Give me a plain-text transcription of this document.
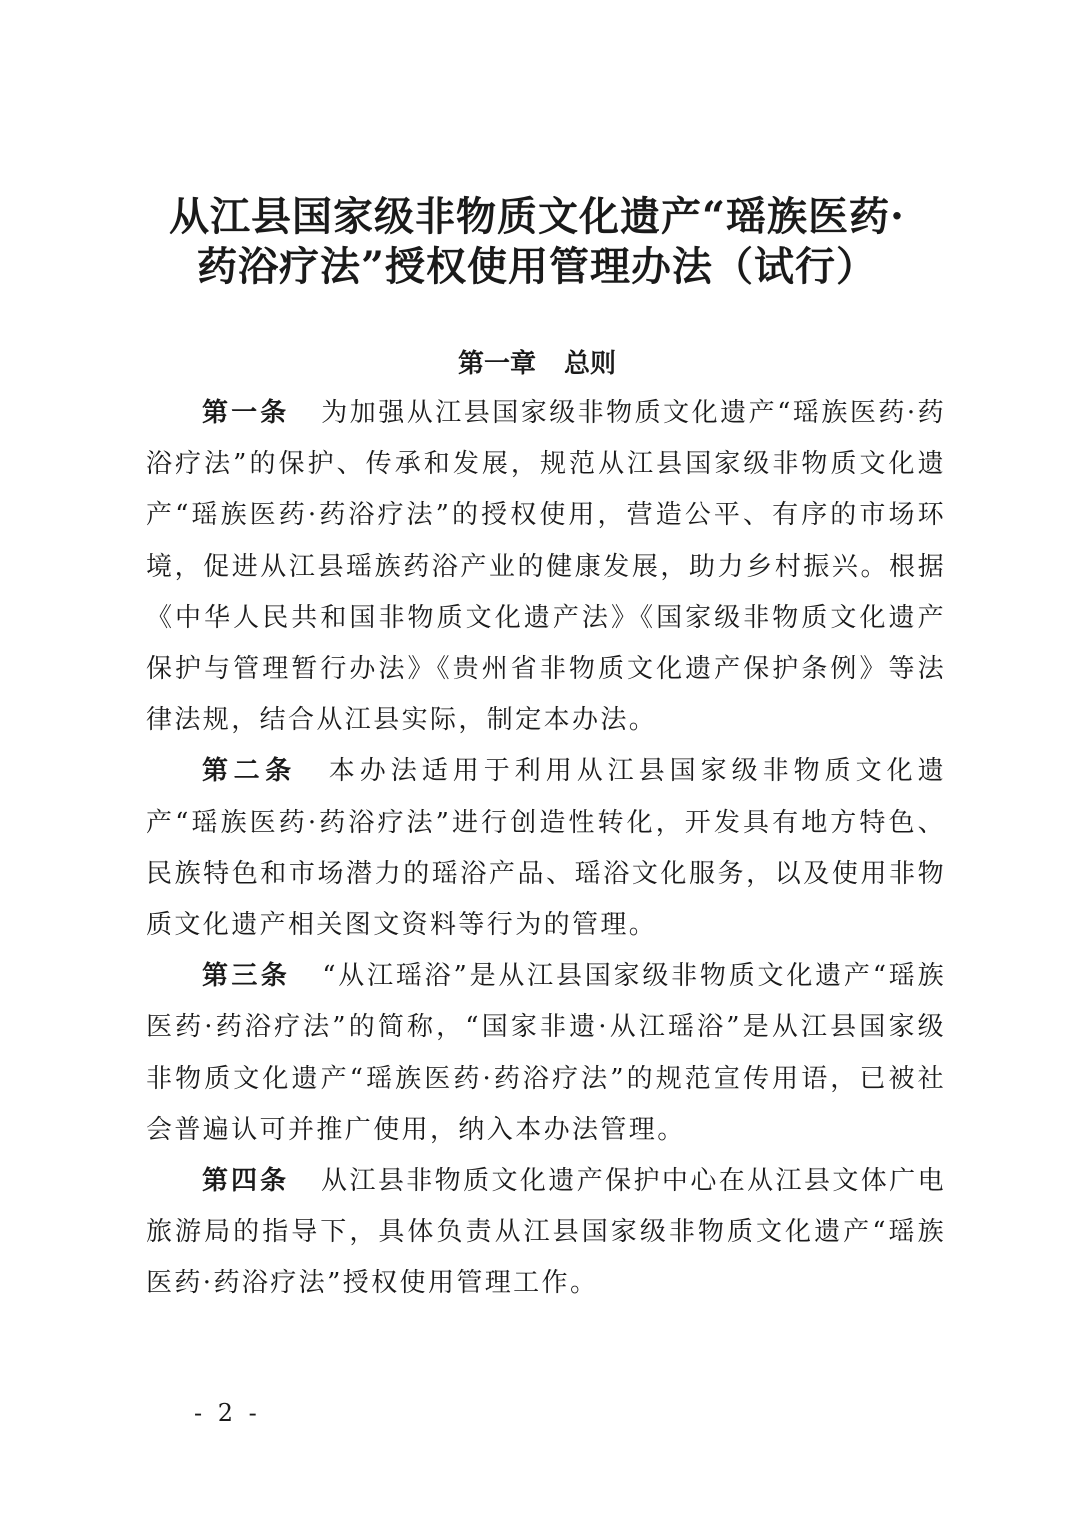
从江县国家级非物质文化遗产“瑶族医药·
药浴疗法”授权使用管理办法（试行）
第一章 总则

第一条 为加强从江县国家级非物质文化遗产“瑶族医药·药浴疗法”的保护、传承和发展，规范从江县国家级非物质文化遗产“瑶族医药·药浴疗法”的授权使用，营造公平、有序的市场环境，促进从江县瑶族药浴产业的健康发展，助力乡村振兴。根据《中华人民共和国非物质文化遗产法》《国家级非物质文化遗产保护与管理暂行办法》《贵州省非物质文化遗产保护条例》等法律法规，结合从江县实际，制定本办法。

第二条 本办法适用于利用从江县国家级非物质文化遗产“瑶族医药·药浴疗法”进行创造性转化，开发具有地方特色、民族特色和市场潜力的瑶浴产品、瑶浴文化服务，以及使用非物质文化遗产相关图文资料等行为的管理。

第三条 “从江瑶浴”是从江县国家级非物质文化遗产“瑶族医药·药浴疗法”的简称，“国家非遗·从江瑶浴”是从江县国家级非物质文化遗产“瑶族医药·药浴疗法”的规范宣传用语，已被社会普遍认可并推广使用，纳入本办法管理。

第四条 从江县非物质文化遗产保护中心在从江县文体广电旅游局的指导下，具体负责从江县国家级非物质文化遗产“瑶族医药·药浴疗法”授权使用管理工作。

- 2 -
